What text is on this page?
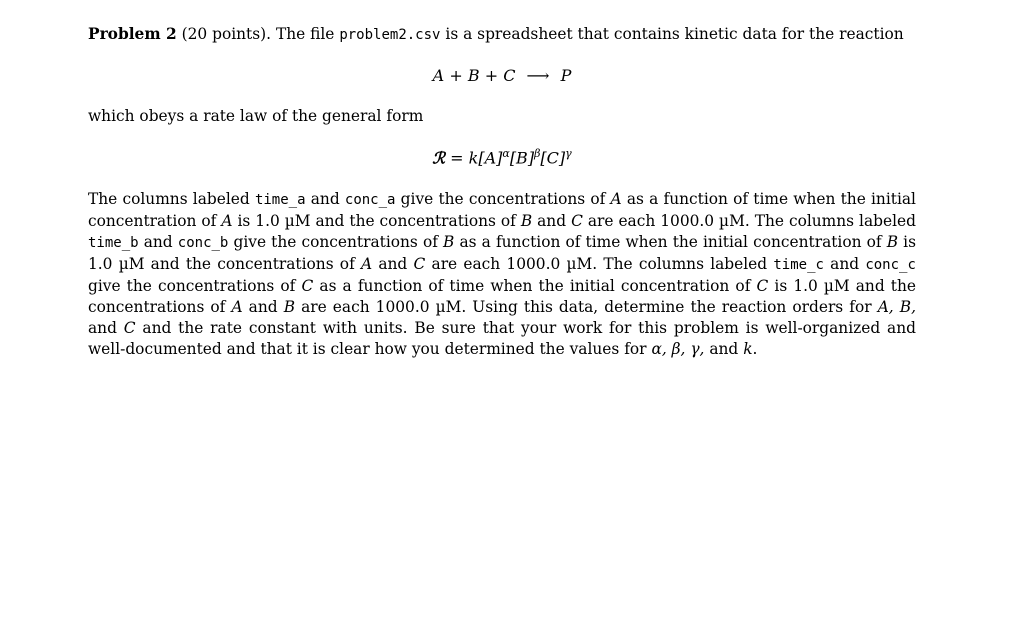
Problem 2 (20 points). The file problem2.csv is a spreadsheet that contains kinetic data for the reaction

A + B + C ⟶ P

which obeys a rate law of the general form

ℛ = $k[A]^\alpha[B]^\beta[C]^\gamma$

The columns labeled time_a and conc_a give the concentrations of A as a function of time when the initial concentration of A is 1.0 µM and the concentrations of B and C are each 1000.0 µM. The columns labeled time_b and conc_b give the concentrations of B as a function of time when the initial concentration of B is 1.0 µM and the concentrations of A and C are each 1000.0 µM. The columns labeled time_c and conc_c give the concentrations of C as a function of time when the initial concentration of C is 1.0 µM and the concentrations of A and B are each 1000.0 µM. Using this data, determine the reaction orders for A, B, and C and the rate constant with units. Be sure that your work for this problem is well-organized and well-documented and that it is clear how you determined the values for α, β, γ, and k.
